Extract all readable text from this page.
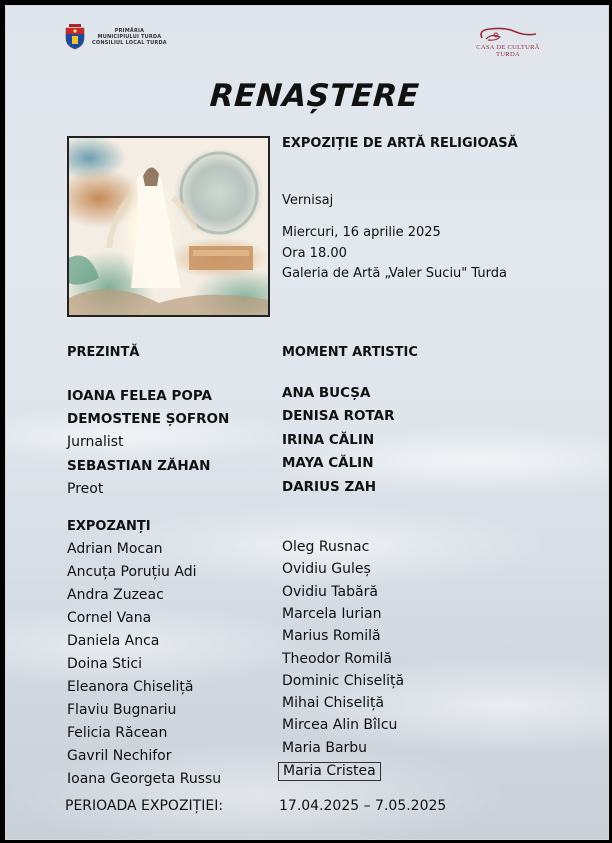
PRIMĂRIA
MUNICIPIULUI TURDA
CONSILIUL LOCAL TURDA
CASA DE CULTURĂ
TURDA
RENAȘTERE
EXPOZIȚIE DE ARTĂ RELIGIOASĂ
Vernisaj
Miercuri, 16 aprilie 2025
Ora 18.00
Galeria de Artă „Valer Suciu" Turda
PREZINTĂ	MOMENT ARTISTIC
IOANA FELEA POPA
DEMOSTENE ȘOFRON
Jurnalist
SEBASTIAN ZĂHAN
Preot
ANA BUCȘA
DENISA ROTAR
IRINA CĂLIN
MAYA CĂLIN
DARIUS ZAH
EXPOZANȚI
Adrian Mocan
Ancuța Poruțiu Adi
Andra Zuzeac
Cornel Vana
Daniela Anca
Doina Stici
Eleanora Chiseliță
Flaviu Bugnariu
Felicia Răcean
Gavril Nechifor
Ioana Georgeta Russu
Oleg Rusnac
Ovidiu Guleș
Ovidiu Tabără
Marcela Iurian
Marius Romilă
Theodor Romilă
Dominic Chiseliță
Mihai Chiseliță
Mircea Alin Bîlcu
Maria Barbu
Maria Cristea
PERIOADA EXPOZIȚIEI:	17.04.2025 – 7.05.2025
